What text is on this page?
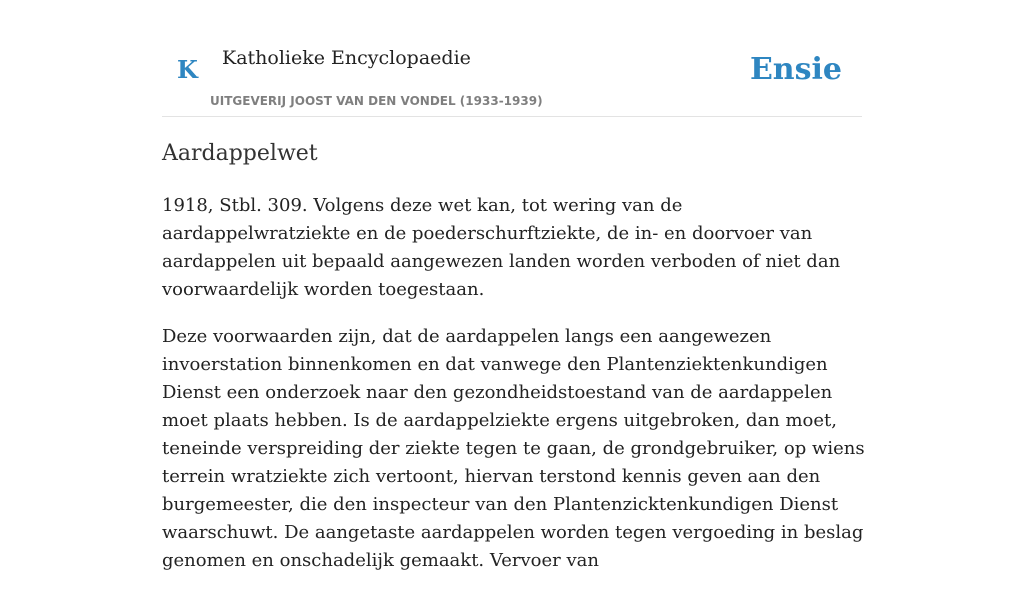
K Katholieke Encyclopaedie
UITGEVERIJ JOOST VAN DEN VONDEL (1933-1939)
Ensie
Aardappelwet

1918, Stbl. 309. Volgens deze wet kan, tot wering van de aardappelwratziekte en de poederschurftziekte, de in- en doorvoer van aardappelen uit bepaald aangewezen landen worden verboden of niet dan voorwaardelijk worden toegestaan.

Deze voorwaarden zijn, dat de aardappelen langs een aangewezen invoerstation binnenkomen en dat vanwege den Plantenziektenkundigen Dienst een onderzoek naar den gezondheidstoestand van de aardappelen moet plaats hebben. Is de aardappelziekte ergens uitgebroken, dan moet, teneinde verspreiding der ziekte tegen te gaan, de grondgebruiker, op wiens terrein wratziekte zich vertoont, hiervan terstond kennis geven aan den burgemeester, die den inspecteur van den Plantenzicktenkundigen Dienst waarschuwt. De aangetaste aardappelen worden tegen vergoeding in beslag genomen en onschadelijk gemaakt. Vervoer van
